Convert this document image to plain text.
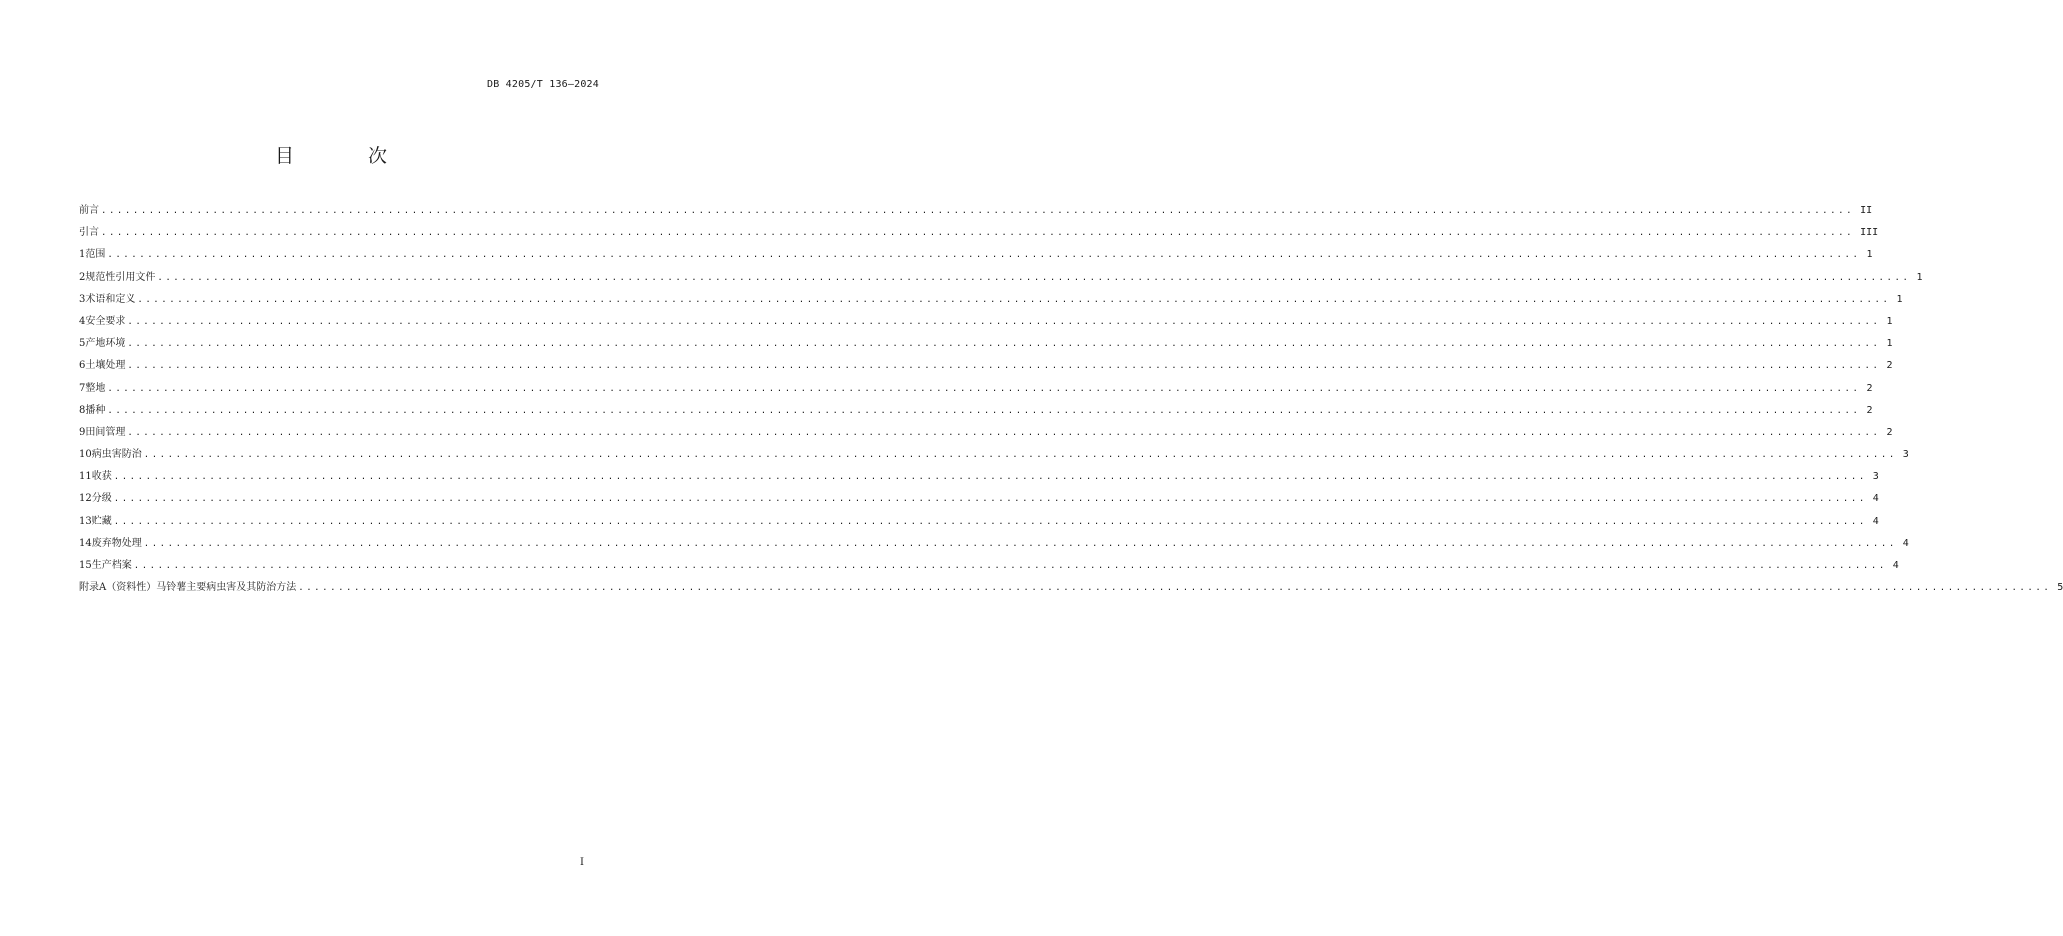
DB 4205/T 136—2024
目 次
前言 ............................................................................................................................................................................................................................ II
引言 ............................................................................................................................................................................................................................ III
1 范围 ............................................................................................................................................................................................................................ 1
2 规范性引用文件 ............................................................................................................................................................................................................................ 1
3 术语和定义 ............................................................................................................................................................................................................................ 1
4 安全要求 ............................................................................................................................................................................................................................ 1
5 产地环境 ............................................................................................................................................................................................................................ 1
6 土壤处理 ............................................................................................................................................................................................................................ 2
7 整地 ............................................................................................................................................................................................................................ 2
8 播种 ............................................................................................................................................................................................................................ 2
9 田间管理 ............................................................................................................................................................................................................................ 2
10 病虫害防治 ............................................................................................................................................................................................................................ 3
11 收获 ............................................................................................................................................................................................................................ 3
12 分级 ............................................................................................................................................................................................................................ 4
13 贮藏 ............................................................................................................................................................................................................................ 4
14 废弃物处理 ............................................................................................................................................................................................................................ 4
15 生产档案 ............................................................................................................................................................................................................................ 4
附录A（资料性） 马铃薯主要病虫害及其防治方法 ............................................................................................................................................................................................................................ 5
I
